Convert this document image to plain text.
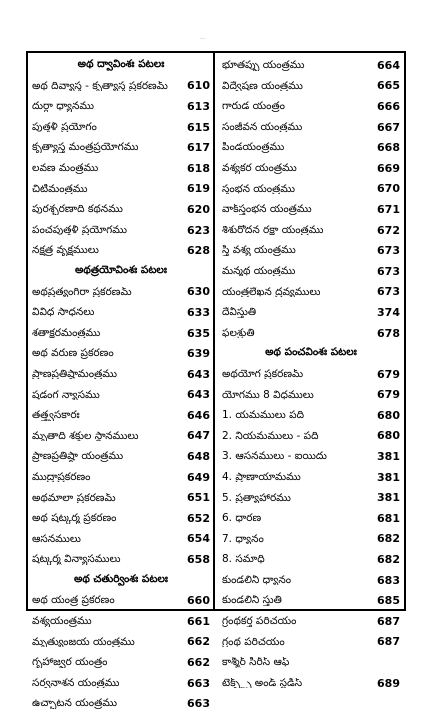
...
అథ ద్వావింశః పటలః
అథ దివ్యాస్త్ర - కృత్యాస్త్ర ప్రకరణమ్ 610
దుర్గా ధ్యానము	613
పుత్తళీ ప్రయోగం	615
కృత్యాస్త్ర మంత్రప్రయోగము	617
లవణ మంత్రము	618
చిటిమంత్రము	619
పురశ్చరణాది కథనము	620
పంచపుత్తళీ ప్రయోగము	623
నక్షత్ర వృక్షములు	628
అథత్రయోవింశః పటలః
అథప్రత్యంగిరా ప్రకరణమ్	630
వివిధ సాధనలు	633
శతాక్షరమంత్రము	635
అథ వరుణ ప్రకరణం	639
ప్రాణప్రతిష్ఠామంత్రము	643
షడంగ న్యాసము	643
తత్త్వసకారః	646
మృతాది శక్తుల స్థానములు	647
ప్రాణప్రతిష్ఠా యంత్రము	648
ముద్రాప్రకరణం	649
అథమాలా ప్రకరణమ్	651
అథ షట్కర్మ ప్రకరణం	652
ఆసనములు	654
షట్కర్మ విన్యాసములు	658
అథ చతుర్వింశః పటలః
అథ యంత్ర ప్రకరణం	660
వశ్యయంత్రము	661
మృత్యుంజయ యంత్రము	662
గృహాజ్వర యంత్రం	662
సర్వనాశన యంత్రము	663
ఉచ్చాటన యంత్రము	663
భూతప్పు యంత్రము	664
విద్వేషణ యంత్రము	665
గారుడ యంత్రం	666
సంజీవన యంత్రము	667
పిండయంత్రము	668
వశ్యకర యంత్రము	669
స్తంభన యంత్రము	670
వాక్‌స్తంభన యంత్రము	671
శిశురోదన రక్షా యంత్రము	672
స్త్రీ వశ్య యంత్రము	673
మన్మథ యంత్రము	673
యంత్రలేఖన ద్రవ్యములు	673
దేవీస్తుతి	374
ఫలశ్రుతి	678
అథ పంచవింశః పటలః
అథయోగ ప్రకరణమ్	679
యోగము 8 విధములు	679
1. యమములు పది	680
2. నియమములు - పది	680
3. ఆసనములు - ఐయిదు	381
4. ప్రాణాయామము	381
5. ప్రత్యాహారము	381
6. ధారణ	681
7. ధ్యానం	682
8. సమాధి	682
కుండలినీ ధ్యానం	683
కుండలినీ స్తుతి	685
గ్రంథకర్త పరిచయం	687
గ్రంథ పరిచయం	687
కాశ్మీర్ సిరీస్ ఆఫ్
టెక్స్ట్స్ అండ్ స్టడీస్	689
